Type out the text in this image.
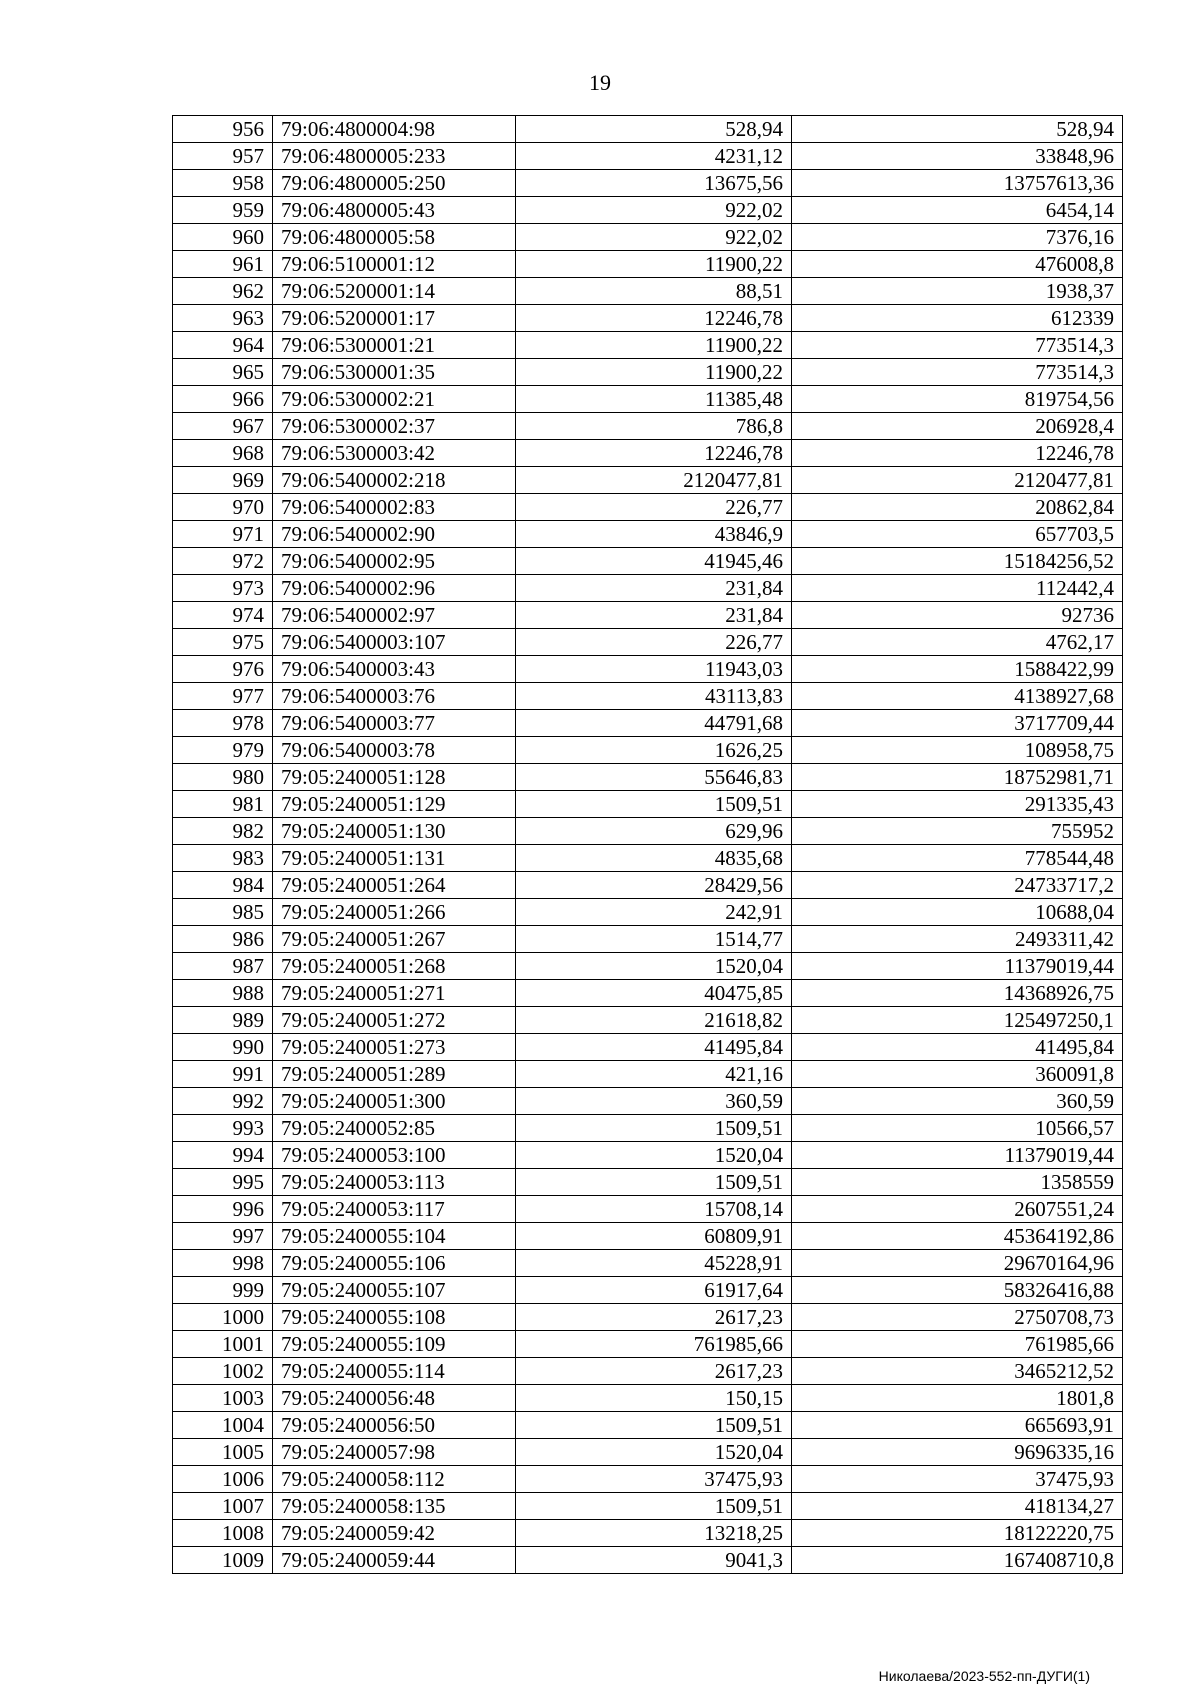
19
956	79:06:4800004:98	528,94	528,94
957	79:06:4800005:233	4231,12	33848,96
958	79:06:4800005:250	13675,56	13757613,36
959	79:06:4800005:43	922,02	6454,14
960	79:06:4800005:58	922,02	7376,16
961	79:06:5100001:12	11900,22	476008,8
962	79:06:5200001:14	88,51	1938,37
963	79:06:5200001:17	12246,78	612339
964	79:06:5300001:21	11900,22	773514,3
965	79:06:5300001:35	11900,22	773514,3
966	79:06:5300002:21	11385,48	819754,56
967	79:06:5300002:37	786,8	206928,4
968	79:06:5300003:42	12246,78	12246,78
969	79:06:5400002:218	2120477,81	2120477,81
970	79:06:5400002:83	226,77	20862,84
971	79:06:5400002:90	43846,9	657703,5
972	79:06:5400002:95	41945,46	15184256,52
973	79:06:5400002:96	231,84	112442,4
974	79:06:5400002:97	231,84	92736
975	79:06:5400003:107	226,77	4762,17
976	79:06:5400003:43	11943,03	1588422,99
977	79:06:5400003:76	43113,83	4138927,68
978	79:06:5400003:77	44791,68	3717709,44
979	79:06:5400003:78	1626,25	108958,75
980	79:05:2400051:128	55646,83	18752981,71
981	79:05:2400051:129	1509,51	291335,43
982	79:05:2400051:130	629,96	755952
983	79:05:2400051:131	4835,68	778544,48
984	79:05:2400051:264	28429,56	24733717,2
985	79:05:2400051:266	242,91	10688,04
986	79:05:2400051:267	1514,77	2493311,42
987	79:05:2400051:268	1520,04	11379019,44
988	79:05:2400051:271	40475,85	14368926,75
989	79:05:2400051:272	21618,82	125497250,1
990	79:05:2400051:273	41495,84	41495,84
991	79:05:2400051:289	421,16	360091,8
992	79:05:2400051:300	360,59	360,59
993	79:05:2400052:85	1509,51	10566,57
994	79:05:2400053:100	1520,04	11379019,44
995	79:05:2400053:113	1509,51	1358559
996	79:05:2400053:117	15708,14	2607551,24
997	79:05:2400055:104	60809,91	45364192,86
998	79:05:2400055:106	45228,91	29670164,96
999	79:05:2400055:107	61917,64	58326416,88
1000	79:05:2400055:108	2617,23	2750708,73
1001	79:05:2400055:109	761985,66	761985,66
1002	79:05:2400055:114	2617,23	3465212,52
1003	79:05:2400056:48	150,15	1801,8
1004	79:05:2400056:50	1509,51	665693,91
1005	79:05:2400057:98	1520,04	9696335,16
1006	79:05:2400058:112	37475,93	37475,93
1007	79:05:2400058:135	1509,51	418134,27
1008	79:05:2400059:42	13218,25	18122220,75
1009	79:05:2400059:44	9041,3	167408710,8
Николаева/2023-552-пп-ДУГИ(1)
